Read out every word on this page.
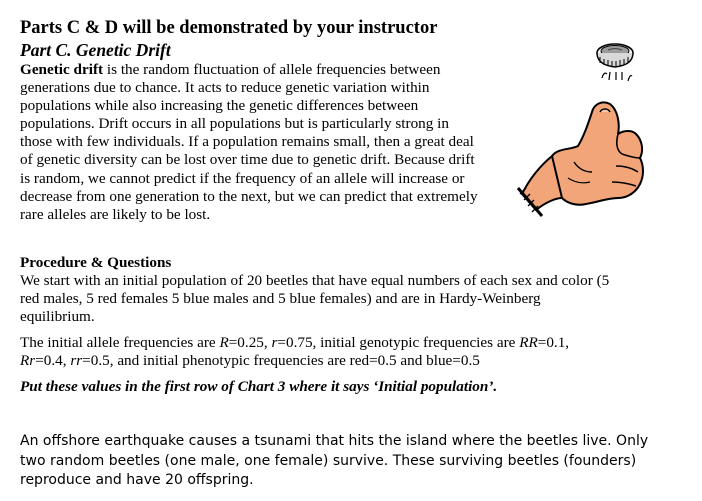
Parts C & D will be demonstrated by your instructor
Part C. Genetic Drift

Genetic drift is the random fluctuation of allele frequencies between
generations due to chance. It acts to reduce genetic variation within
populations while also increasing the genetic differences between
populations. Drift occurs in all populations but is particularly strong in
those with few individuals. If a population remains small, then a great deal
of genetic diversity can be lost over time due to genetic drift. Because drift
is random, we cannot predict if the frequency of an allele will increase or
decrease from one generation to the next, but we can predict that extremely
rare alleles are likely to be lost.

Procedure & Questions

We start with an initial population of 20 beetles that have equal numbers of each sex and color (5
red males, 5 red females 5 blue males and 5 blue females) and are in Hardy-Weinberg
equilibrium.

The initial allele frequencies are R=0.25, r=0.75, initial genotypic frequencies are RR=0.1,
Rr=0.4, rr=0.5, and initial phenotypic frequencies are red=0.5 and blue=0.5

Put these values in the first row of Chart 3 where it says ‘Initial population’.

An offshore earthquake causes a tsunami that hits the island where the beetles live. Only
two random beetles (one male, one female) survive. These surviving beetles (founders)
reproduce and have 20 offspring.
